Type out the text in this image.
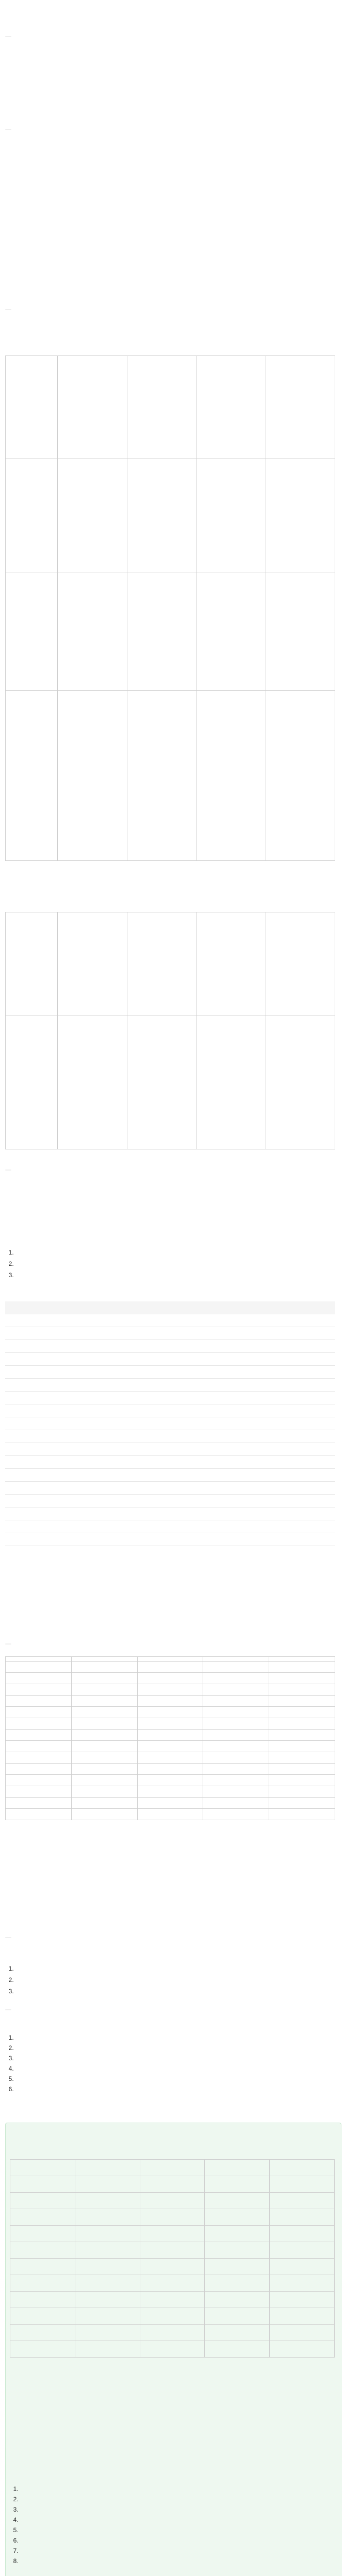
1.
2.
3.

1.
2.
3.

1.
2.
3.
4.
5.
6.

1.
2.
3.
4.
5.
6.
7.
8.
